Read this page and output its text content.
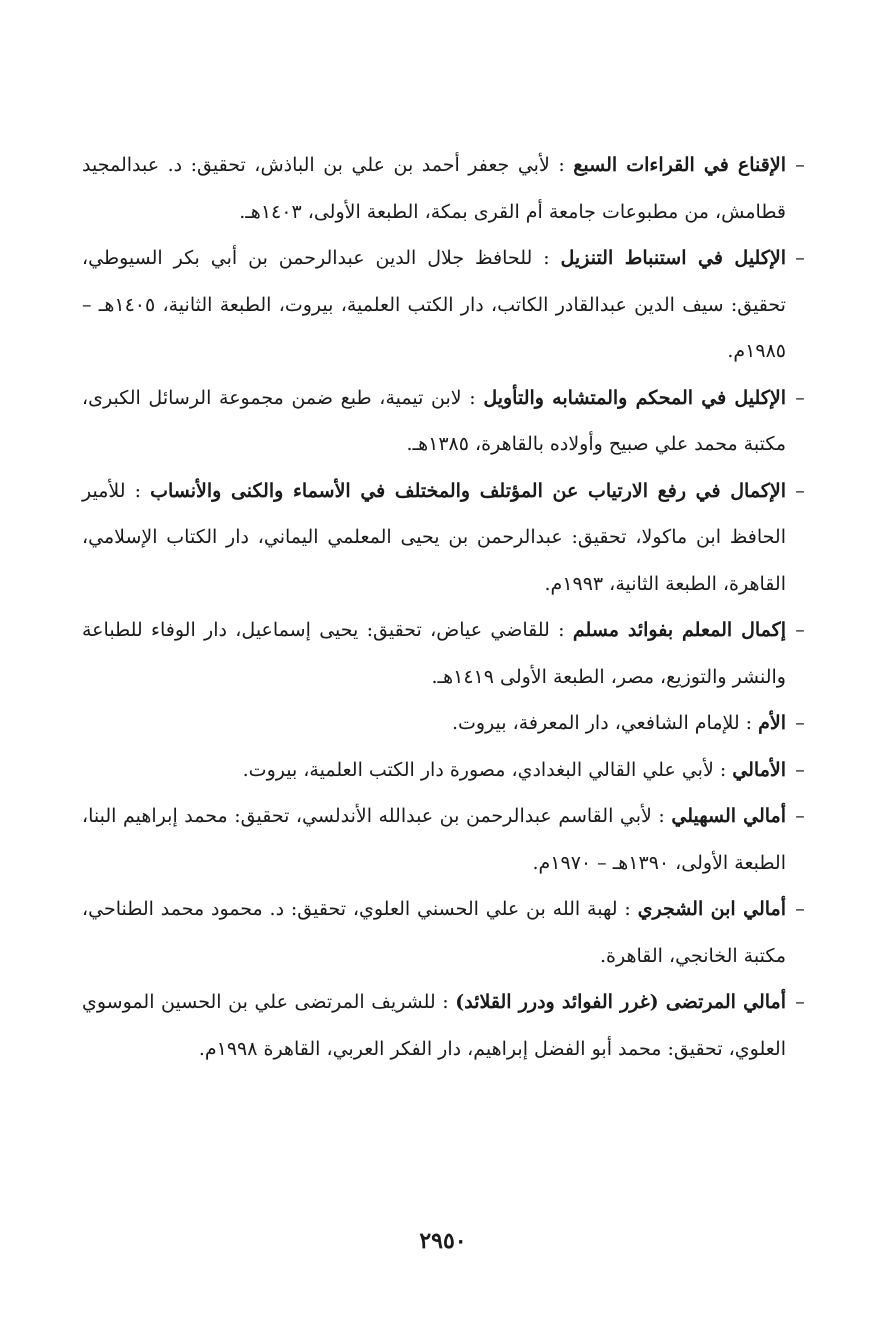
–
الإقناع في القراءات السبع : لأبي جعفر أحمد بن علي بن الباذش، تحقيق: د. عبدالمجيد قطامش، من مطبوعات جامعة أم القرى بمكة، الطبعة الأولى، ١٤٠٣هـ.

–
الإكليل في استنباط التنزيل : للحافظ جلال الدين عبدالرحمن بن أبي بكر السيوطي، تحقيق: سيف الدين عبدالقادر الكاتب، دار الكتب العلمية، بيروت، الطبعة الثانية، ١٤٠٥هـ – ١٩٨٥م.

–
الإكليل في المحكم والمتشابه والتأويل : لابن تيمية، طبع ضمن مجموعة الرسائل الكبرى، مكتبة محمد علي صبيح وأولاده بالقاهرة، ١٣٨٥هـ.

–
الإكمال في رفع الارتياب عن المؤتلف والمختلف في الأسماء والكنى والأنساب : للأمير الحافظ ابن ماكولا، تحقيق: عبدالرحمن بن يحيى المعلمي اليماني، دار الكتاب الإسلامي، القاهرة، الطبعة الثانية، ١٩٩٣م.

–
إكمال المعلم بفوائد مسلم : للقاضي عياض، تحقيق: يحيى إسماعيل، دار الوفاء للطباعة والنشر والتوزيع، مصر، الطبعة الأولى ١٤١٩هـ.

–
الأم : للإمام الشافعي، دار المعرفة، بيروت.

–
الأمالي : لأبي علي القالي البغدادي، مصورة دار الكتب العلمية، بيروت.

–
أمالي السهيلي : لأبي القاسم عبدالرحمن بن عبدالله الأندلسي، تحقيق: محمد إبراهيم البنا، الطبعة الأولى، ١٣٩٠هـ – ١٩٧٠م.

–
أمالي ابن الشجري : لهبة الله بن علي الحسني العلوي، تحقيق: د. محمود محمد الطناحي، مكتبة الخانجي، القاهرة.

–
أمالي المرتضى (غرر الفوائد ودرر القلائد) : للشريف المرتضى علي بن الحسين الموسوي العلوي، تحقيق: محمد أبو الفضل إبراهيم، دار الفكر العربي، القاهرة ١٩٩٨م.

٢٩٥٠
